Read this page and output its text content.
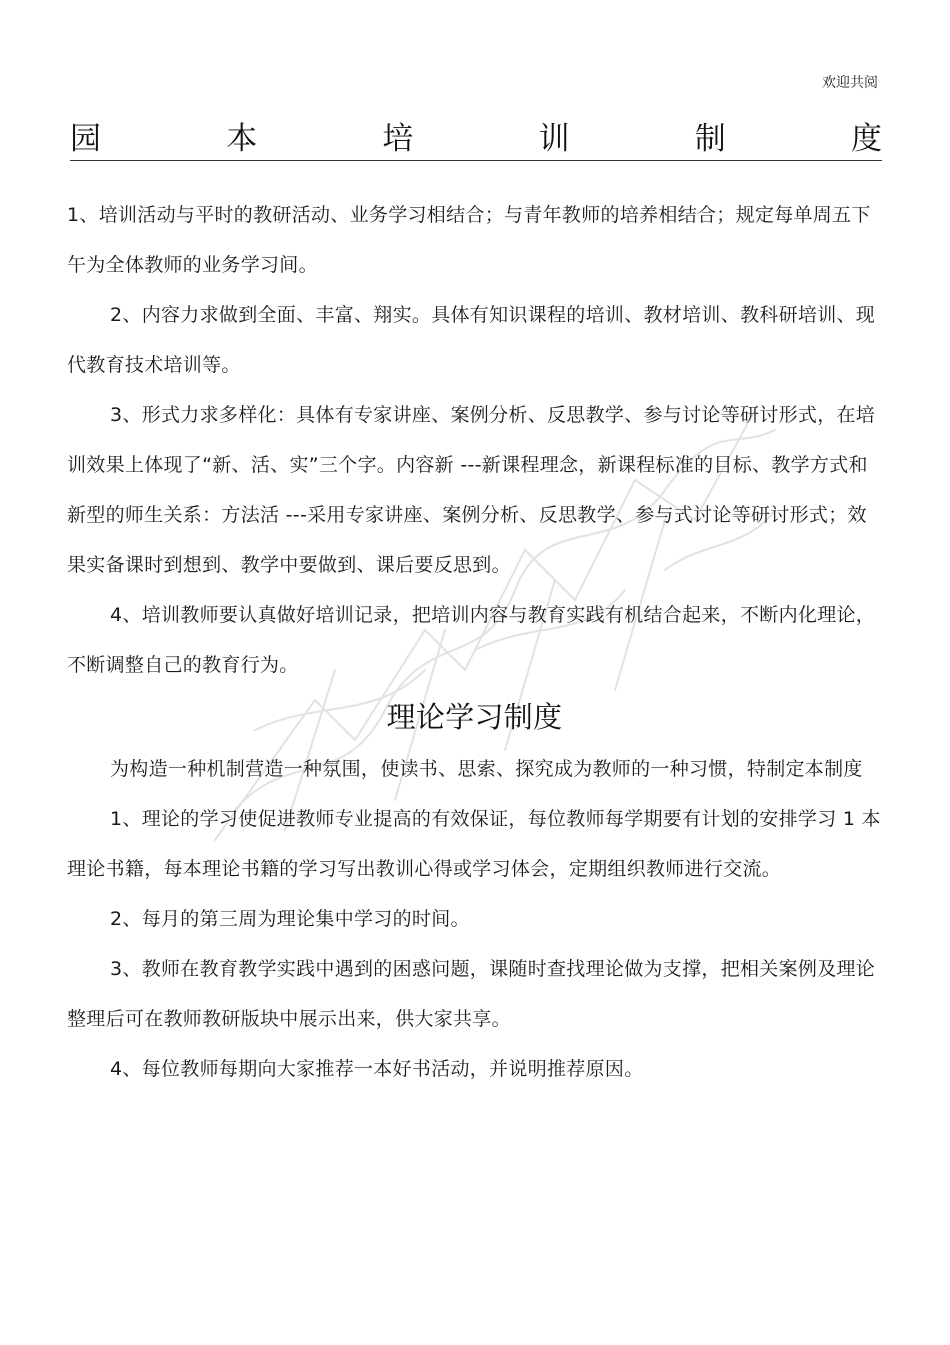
欢迎共阅
园	本	培	训	制	度

1、培训活动与平时的教研活动、业务学习相结合；与青年教师的培养相结合；规定每单周五下午为全体教师的业务学习间。

2、内容力求做到全面、丰富、翔实。具体有知识课程的培训、教材培训、教科研培训、现代教育技术培训等。

3、形式力求多样化：具体有专家讲座、案例分析、反思教学、参与讨论等研讨形式，在培训效果上体现了“新、活、实”三个字。内容新 ---新课程理念，新课程标准的目标、教学方式和新型的师生关系：方法活 ---采用专家讲座、案例分析、反思教学、参与式讨论等研讨形式；效果实备课时到想到、教学中要做到、课后要反思到。

4、培训教师要认真做好培训记录，把培训内容与教育实践有机结合起来，不断内化理论，不断调整自己的教育行为。

理论学习制度

为构造一种机制营造一种氛围，使读书、思索、探究成为教师的一种习惯，特制定本制度

1、理论的学习使促进教师专业提高的有效保证，每位教师每学期要有计划的安排学习 1 本理论书籍，每本理论书籍的学习写出教训心得或学习体会，定期组织教师进行交流。

2、每月的第三周为理论集中学习的时间。

3、教师在教育教学实践中遇到的困惑问题，课随时查找理论做为支撑，把相关案例及理论整理后可在教师教研版块中展示出来，供大家共享。

4、每位教师每期向大家推荐一本好书活动，并说明推荐原因。
